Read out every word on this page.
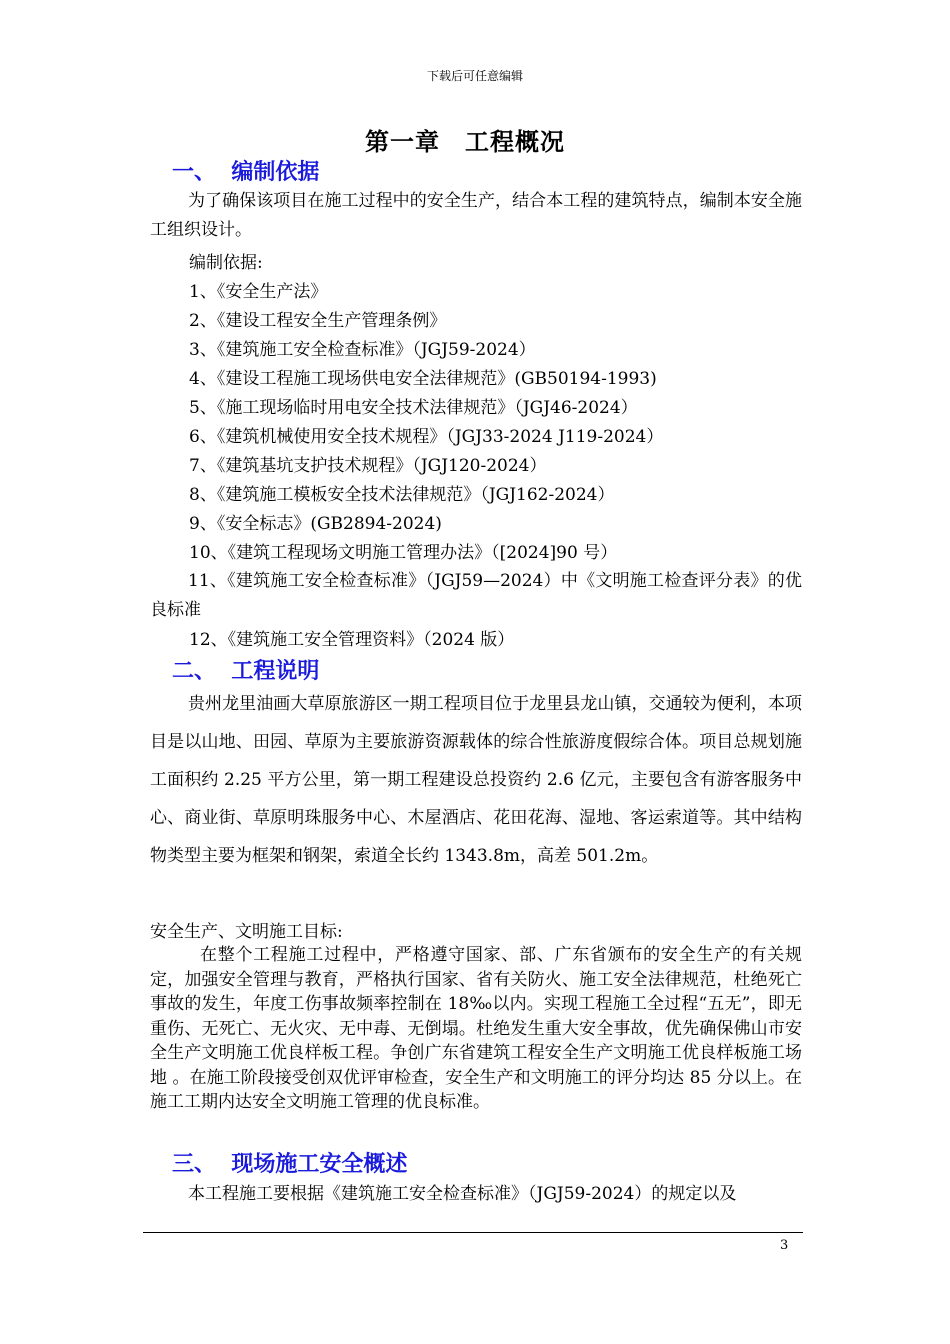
下载后可任意编辑
第一章　工程概况
一、  编制依据

为了确保该项目在施工过程中的安全生产，结合本工程的建筑特点，编制本安全施工组织设计。

编制依据:
1、《安全生产法》
2、《建设工程安全生产管理条例》
3、《建筑施工安全检查标准》（JGJ59-2024）
4、《建设工程施工现场供电安全法律规范》(GB50194-1993)
5、《施工现场临时用电安全技术法律规范》（JGJ46-2024）
6、《建筑机械使用安全技术规程》（JGJ33-2024 J119-2024）
7、《建筑基坑支护技术规程》（JGJ120-2024）
8、《建筑施工模板安全技术法律规范》（JGJ162-2024）
9、《安全标志》(GB2894-2024)
10、《建筑工程现场文明施工管理办法》（[2024]90 号）

11、《建筑施工安全检查标准》（JGJ59—2024）中《文明施工检查评分表》的优良标准

12、《建筑施工安全管理资料》（2024 版）
二、  工程说明

贵州龙里油画大草原旅游区一期工程项目位于龙里县龙山镇，交通较为便利，本项目是以山地、田园、草原为主要旅游资源载体的综合性旅游度假综合体。项目总规划施工面积约 2.25 平方公里，第一期工程建设总投资约 2.6 亿元，主要包含有游客服务中心、商业街、草原明珠服务中心、木屋酒店、花田花海、湿地、客运索道等。其中结构物类型主要为框架和钢架，索道全长约 1343.8m，高差 501.2m。

安全生产、文明施工目标:

在整个工程施工过程中，严格遵守国家、部、广东省颁布的安全生产的有关规定，加强安全管理与教育，严格执行国家、省有关防火、施工安全法律规范，杜绝死亡事故的发生，年度工伤事故频率控制在 18‰以内。实现工程施工全过程“五无”，即无重伤、无死亡、无火灾、无中毒、无倒塌。杜绝发生重大安全事故，优先确保佛山市安全生产文明施工优良样板工程。争创广东省建筑工程安全生产文明施工优良样板施工场地 。在施工阶段接受创双优评审检查，安全生产和文明施工的评分均达 85 分以上。在施工工期内达安全文明施工管理的优良标准。

三、  现场施工安全概述

本工程施工要根据《建筑施工安全检查标准》（JGJ59-2024）的规定以及

3
